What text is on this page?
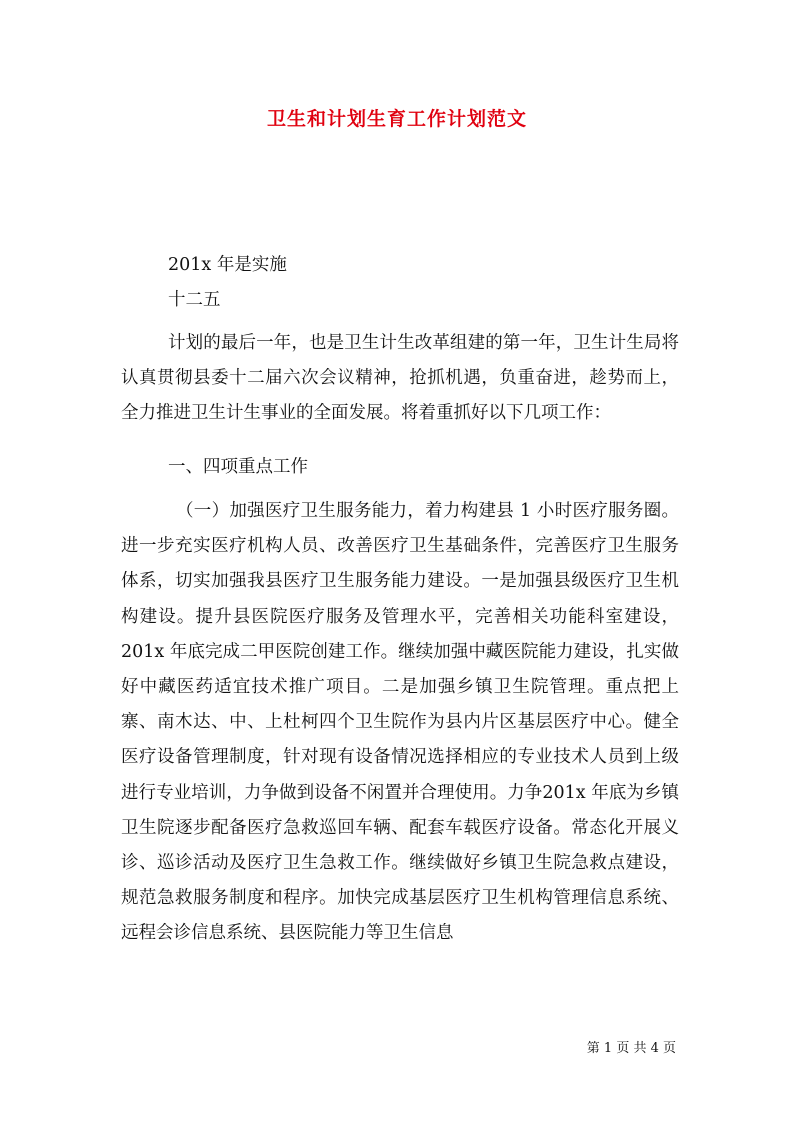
卫生和计划生育工作计划范文

201x 年是实施

十二五

计划的最后一年，也是卫生计生改革组建的第一年，卫生计生局将认真贯彻县委十二届六次会议精神，抢抓机遇，负重奋进，趁势而上，全力推进卫生计生事业的全面发展。将着重抓好以下几项工作：

一、四项重点工作

（一）加强医疗卫生服务能力，着力构建县 1 小时医疗服务圈。进一步充实医疗机构人员、改善医疗卫生基础条件，完善医疗卫生服务体系，切实加强我县医疗卫生服务能力建设。一是加强县级医疗卫生机构建设。提升县医院医疗服务及管理水平，完善相关功能科室建设，201x 年底完成二甲医院创建工作。继续加强中藏医院能力建设，扎实做好中藏医药适宜技术推广项目。二是加强乡镇卫生院管理。重点把上寨、南木达、中、上杜柯四个卫生院作为县内片区基层医疗中心。健全医疗设备管理制度，针对现有设备情况选择相应的专业技术人员到上级进行专业培训，力争做到设备不闲置并合理使用。力争201x 年底为乡镇卫生院逐步配备医疗急救巡回车辆、配套车载医疗设备。常态化开展义诊、巡诊活动及医疗卫生急救工作。继续做好乡镇卫生院急救点建设，规范急救服务制度和程序。加快完成基层医疗卫生机构管理信息系统、远程会诊信息系统、县医院能力等卫生信息

第 1 页 共 4 页
